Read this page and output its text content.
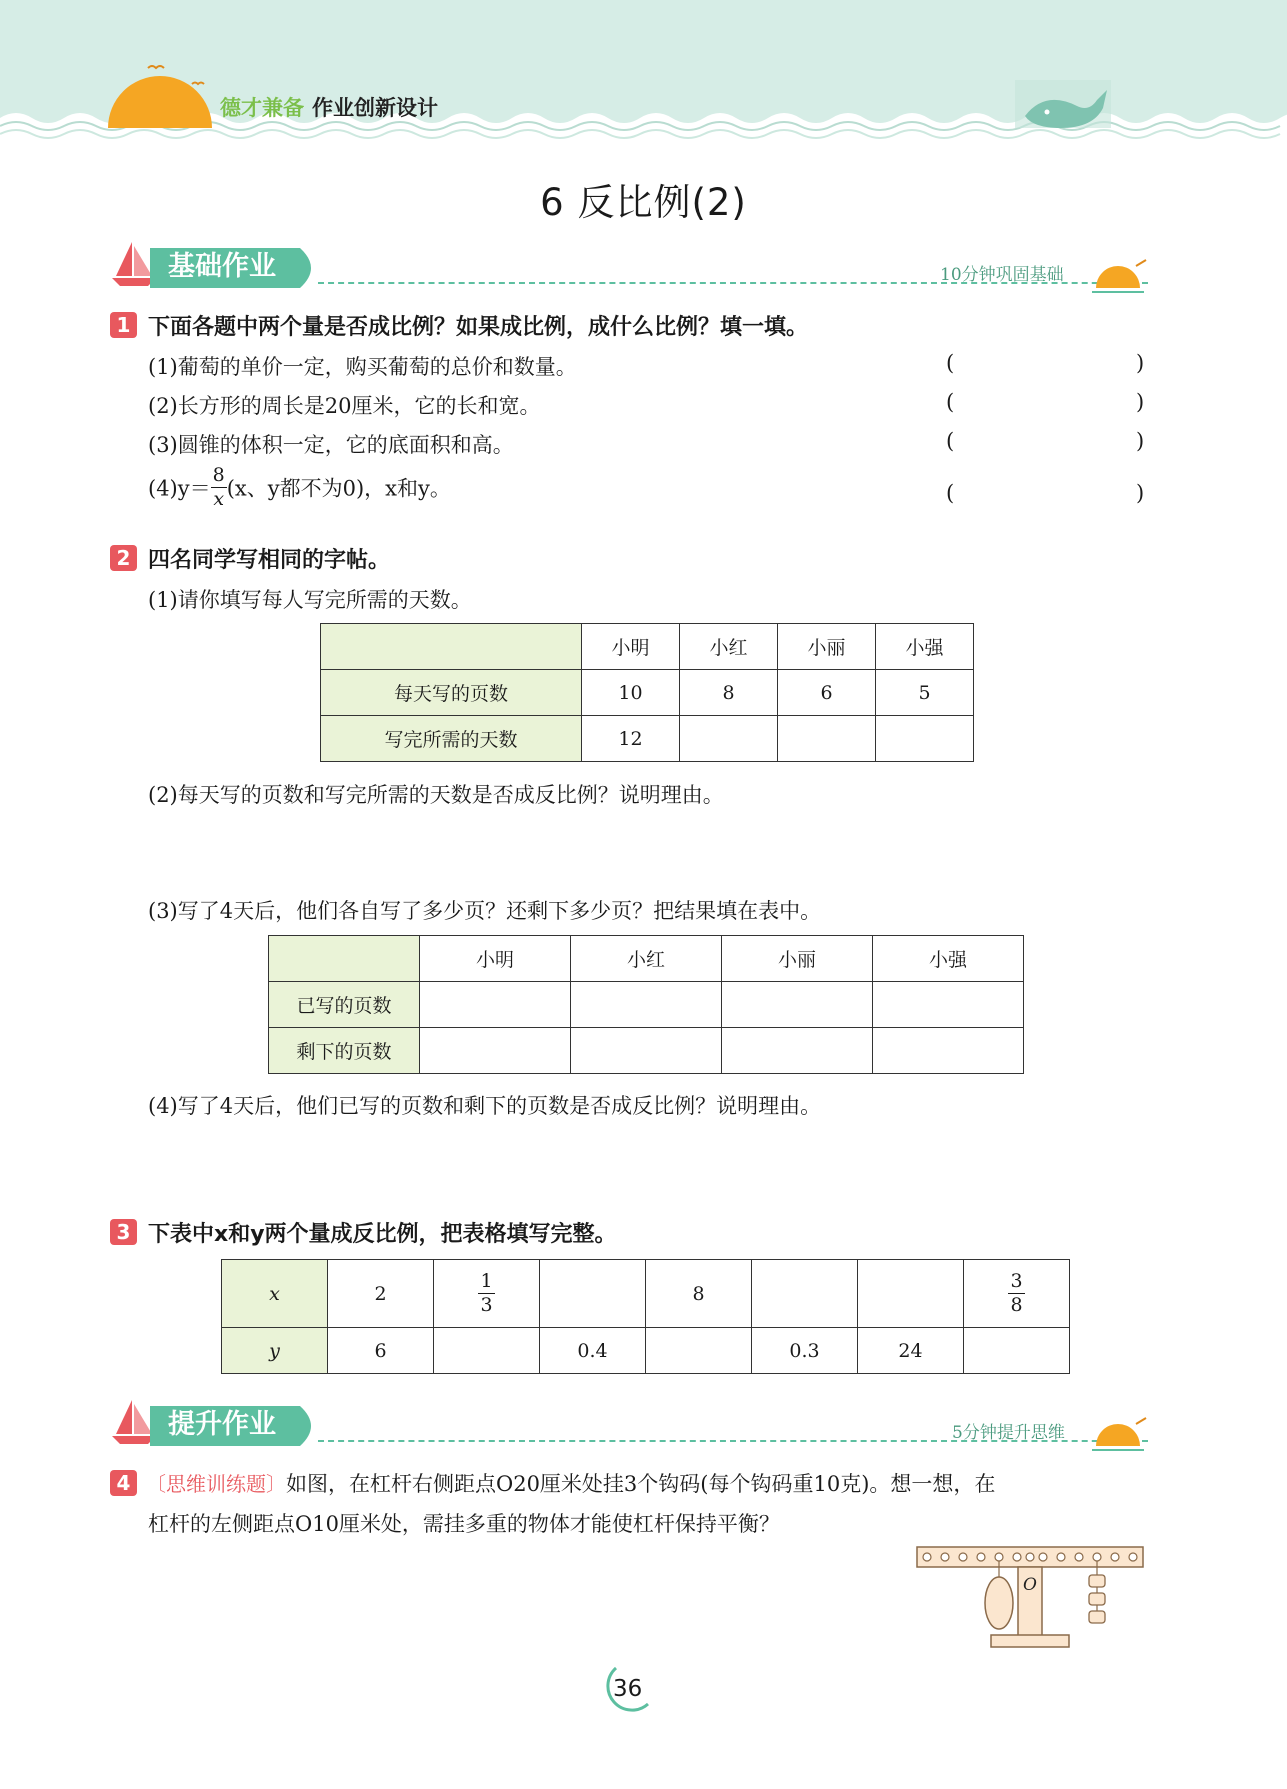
德才兼备 作业创新设计
6 反比例(2)
基础作业	10分钟巩固基础
1 下面各题中两个量是否成比例？如果成比例，成什么比例？填一填。
(1)葡萄的单价一定，购买葡萄的总价和数量。	(	)
(2)长方形的周长是20厘米，它的长和宽。	(	)
(3)圆锥的体积一定，它的底面积和高。	(	)
$(4)y= \frac{8}{x} (x$、y都不为0)，x和y。	(	)
2 四名同学写相同的字帖。
(1)请你填写每人写完所需的天数。
	小明	小红	小丽	小强
每天写的页数	10	8	6	5
写完所需的天数	12			
(2)每天写的页数和写完所需的天数是否成反比例？说明理由。
(3)写了4天后，他们各自写了多少页？还剩下多少页？把结果填在表中。
	小明	小红	小丽	小强
已写的页数				
剩下的页数				
(4)写了4天后，他们已写的页数和剩下的页数是否成反比例？说明理由。
3 下表中x和y两个量成反比例，把表格填写完整。
x	2	$\frac{1}{3}$		8			$\frac{3}{8}$

y	6		0.4		0.3	24	
提升作业	5分钟提升思维
4 〔思维训练题〕如图，在杠杆右侧距点O20厘米处挂3个钩码(每个钩码重10克)。想一想，在
杠杆的左侧距点O10厘米处，需挂多重的物体才能使杠杆保持平衡？
O
36
